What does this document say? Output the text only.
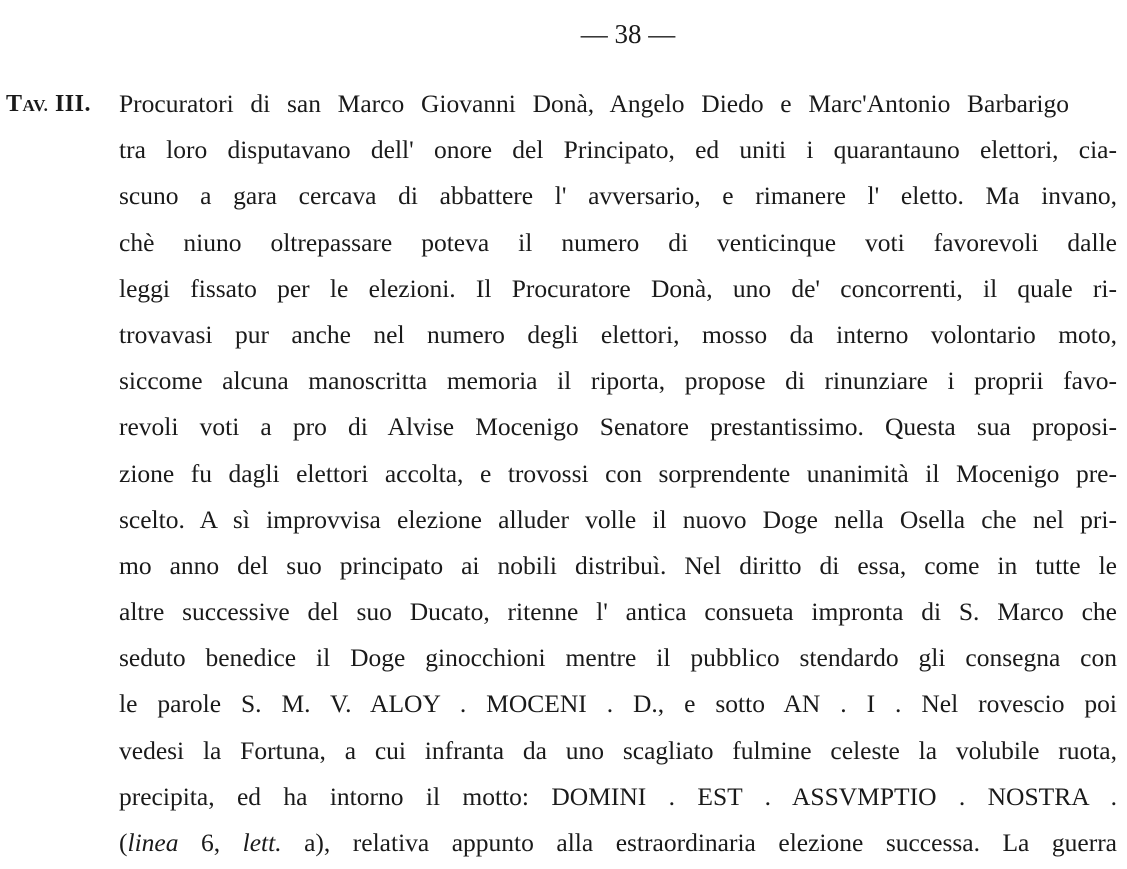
— 38 —
TAV. III. Procuratori di san Marco Giovanni Donà, Angelo Diedo e Marc'Antonio Barbarigo
tra loro disputavano dell' onore del Principato, ed uniti i quarantauno elettori, cia-
scuno a gara cercava di abbattere l' avversario, e rimanere l' eletto. Ma invano,
chè niuno oltrepassare poteva il numero di venticinque voti favorevoli dalle
leggi fissato per le elezioni. Il Procuratore Donà, uno de' concorrenti, il quale ri-
trovavasi pur anche nel numero degli elettori, mosso da interno volontario moto,
siccome alcuna manoscritta memoria il riporta, propose di rinunziare i proprii favo-
revoli voti a pro di Alvise Mocenigo Senatore prestantissimo. Questa sua proposi-
zione fu dagli elettori accolta, e trovossi con sorprendente unanimità il Mocenigo pre-
scelto. A sì improvvisa elezione alluder volle il nuovo Doge nella Osella che nel pri-
mo anno del suo principato ai nobili distribuì. Nel diritto di essa, come in tutte le
altre successive del suo Ducato, ritenne l' antica consueta impronta di S. Marco che
seduto benedice il Doge ginocchioni mentre il pubblico stendardo gli consegna con
le parole S. M. V. ALOY . MOCENI . D., e sotto AN . I . Nel rovescio poi
vedesi la Fortuna, a cui infranta da uno scagliato fulmine celeste la volubile ruota,
precipita, ed ha intorno il motto: DOMINI . EST . ASSVMPTIO . NOSTRA .
(linea 6, lett. a), relativa appunto alla estraordinaria elezione successa. La guerra
